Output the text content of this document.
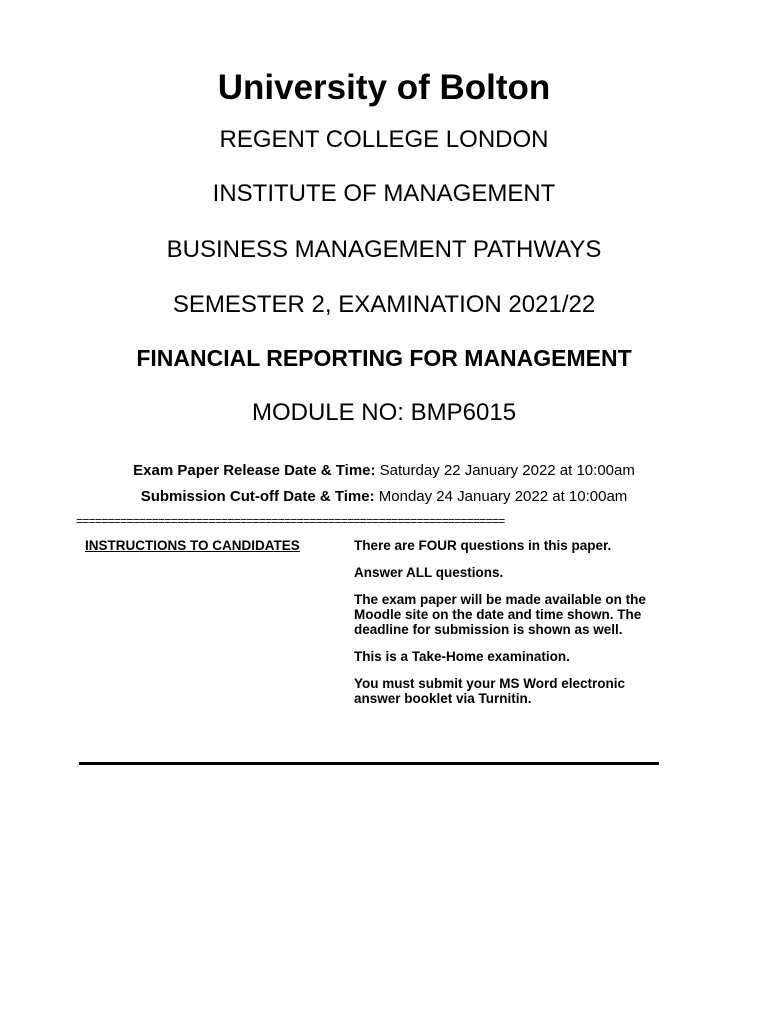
University of Bolton
REGENT COLLEGE LONDON
INSTITUTE OF MANAGEMENT
BUSINESS MANAGEMENT PATHWAYS
SEMESTER 2, EXAMINATION 2021/22
FINANCIAL REPORTING FOR MANAGEMENT
MODULE NO: BMP6015
Exam Paper Release Date & Time: Saturday 22 January 2022 at 10:00am
Submission Cut-off Date & Time: Monday 24 January 2022 at 10:00am
====================================================================
INSTRUCTIONS TO CANDIDATES	There are FOUR questions in this paper.
Answer ALL questions.
The exam paper will be made available on the Moodle site on the date and time shown. The deadline for submission is shown as well.
This is a Take-Home examination.
You must submit your MS Word electronic answer booklet via Turnitin.
